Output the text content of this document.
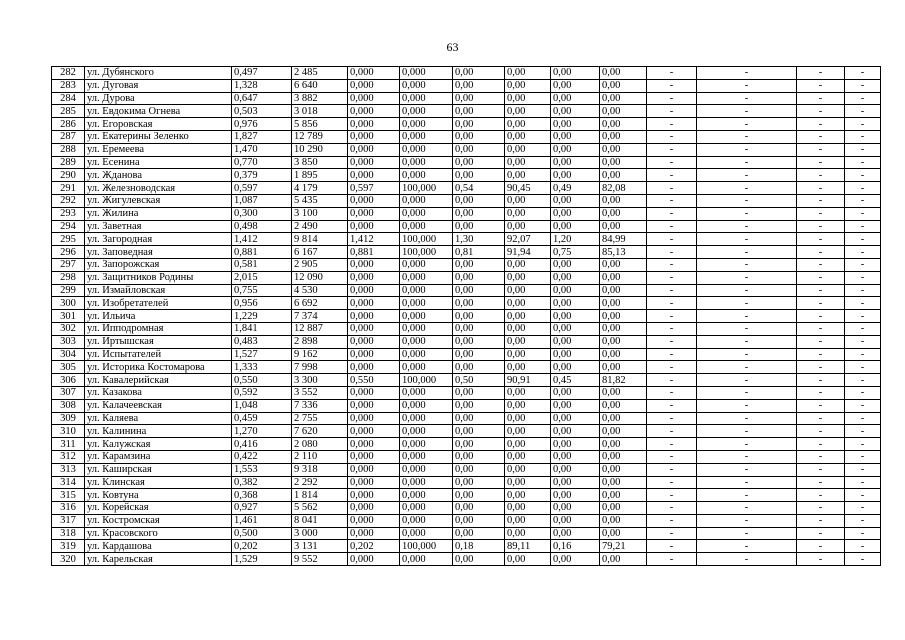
63
282	ул. Дубянского	0,497	2 485	0,000	0,000	0,00	0,00	0,00	0,00	-	-	-	-
283	ул. Дуговая	1,328	6 640	0,000	0,000	0,00	0,00	0,00	0,00	-	-	-	-
284	ул. Дурова	0,647	3 882	0,000	0,000	0,00	0,00	0,00	0,00	-	-	-	-
285	ул. Евдокима Огнева	0,503	3 018	0,000	0,000	0,00	0,00	0,00	0,00	-	-	-	-
286	ул. Егоровская	0,976	5 856	0,000	0,000	0,00	0,00	0,00	0,00	-	-	-	-
287	ул. Екатерины Зеленко	1,827	12 789	0,000	0,000	0,00	0,00	0,00	0,00	-	-	-	-
288	ул. Еремеева	1,470	10 290	0,000	0,000	0,00	0,00	0,00	0,00	-	-	-	-
289	ул. Есенина	0,770	3 850	0,000	0,000	0,00	0,00	0,00	0,00	-	-	-	-
290	ул. Жданова	0,379	1 895	0,000	0,000	0,00	0,00	0,00	0,00	-	-	-	-
291	ул. Железноводская	0,597	4 179	0,597	100,000	0,54	90,45	0,49	82,08	-	-	-	-
292	ул. Жигулевская	1,087	5 435	0,000	0,000	0,00	0,00	0,00	0,00	-	-	-	-
293	ул. Жилина	0,300	3 100	0,000	0,000	0,00	0,00	0,00	0,00	-	-	-	-
294	ул. Заветная	0,498	2 490	0,000	0,000	0,00	0,00	0,00	0,00	-	-	-	-
295	ул. Загородная	1,412	9 814	1,412	100,000	1,30	92,07	1,20	84,99	-	-	-	-
296	ул. Заповедная	0,881	6 167	0,881	100,000	0,81	91,94	0,75	85,13	-	-	-	-
297	ул. Запорожская	0,581	2 905	0,000	0,000	0,00	0,00	0,00	0,00	-	-	-	-
298	ул. Защитников Родины	2,015	12 090	0,000	0,000	0,00	0,00	0,00	0,00	-	-	-	-
299	ул. Измайловская	0,755	4 530	0,000	0,000	0,00	0,00	0,00	0,00	-	-	-	-
300	ул. Изобретателей	0,956	6 692	0,000	0,000	0,00	0,00	0,00	0,00	-	-	-	-
301	ул. Ильича	1,229	7 374	0,000	0,000	0,00	0,00	0,00	0,00	-	-	-	-
302	ул. Ипподромная	1,841	12 887	0,000	0,000	0,00	0,00	0,00	0,00	-	-	-	-
303	ул. Иртышская	0,483	2 898	0,000	0,000	0,00	0,00	0,00	0,00	-	-	-	-
304	ул. Испытателей	1,527	9 162	0,000	0,000	0,00	0,00	0,00	0,00	-	-	-	-
305	ул. Историка Костомарова	1,333	7 998	0,000	0,000	0,00	0,00	0,00	0,00	-	-	-	-
306	ул. Кавалерийская	0,550	3 300	0,550	100,000	0,50	90,91	0,45	81,82	-	-	-	-
307	ул. Казакова	0,592	3 552	0,000	0,000	0,00	0,00	0,00	0,00	-	-	-	-
308	ул. Калачеевская	1,048	7 336	0,000	0,000	0,00	0,00	0,00	0,00	-	-	-	-
309	ул. Каляева	0,459	2 755	0,000	0,000	0,00	0,00	0,00	0,00	-	-	-	-
310	ул. Калинина	1,270	7 620	0,000	0,000	0,00	0,00	0,00	0,00	-	-	-	-
311	ул. Калужская	0,416	2 080	0,000	0,000	0,00	0,00	0,00	0,00	-	-	-	-
312	ул. Карамзина	0,422	2 110	0,000	0,000	0,00	0,00	0,00	0,00	-	-	-	-
313	ул. Каширская	1,553	9 318	0,000	0,000	0,00	0,00	0,00	0,00	-	-	-	-
314	ул. Клинская	0,382	2 292	0,000	0,000	0,00	0,00	0,00	0,00	-	-	-	-
315	ул. Ковтуна	0,368	1 814	0,000	0,000	0,00	0,00	0,00	0,00	-	-	-	-
316	ул. Корейская	0,927	5 562	0,000	0,000	0,00	0,00	0,00	0,00	-	-	-	-
317	ул. Костромская	1,461	8 041	0,000	0,000	0,00	0,00	0,00	0,00	-	-	-	-
318	ул. Красовского	0,500	3 000	0,000	0,000	0,00	0,00	0,00	0,00	-	-	-	-
319	ул. Кардашова	0,202	3 131	0,202	100,000	0,18	89,11	0,16	79,21	-	-	-	-
320	ул. Карельская	1,529	9 552	0,000	0,000	0,00	0,00	0,00	0,00	-	-	-	-
